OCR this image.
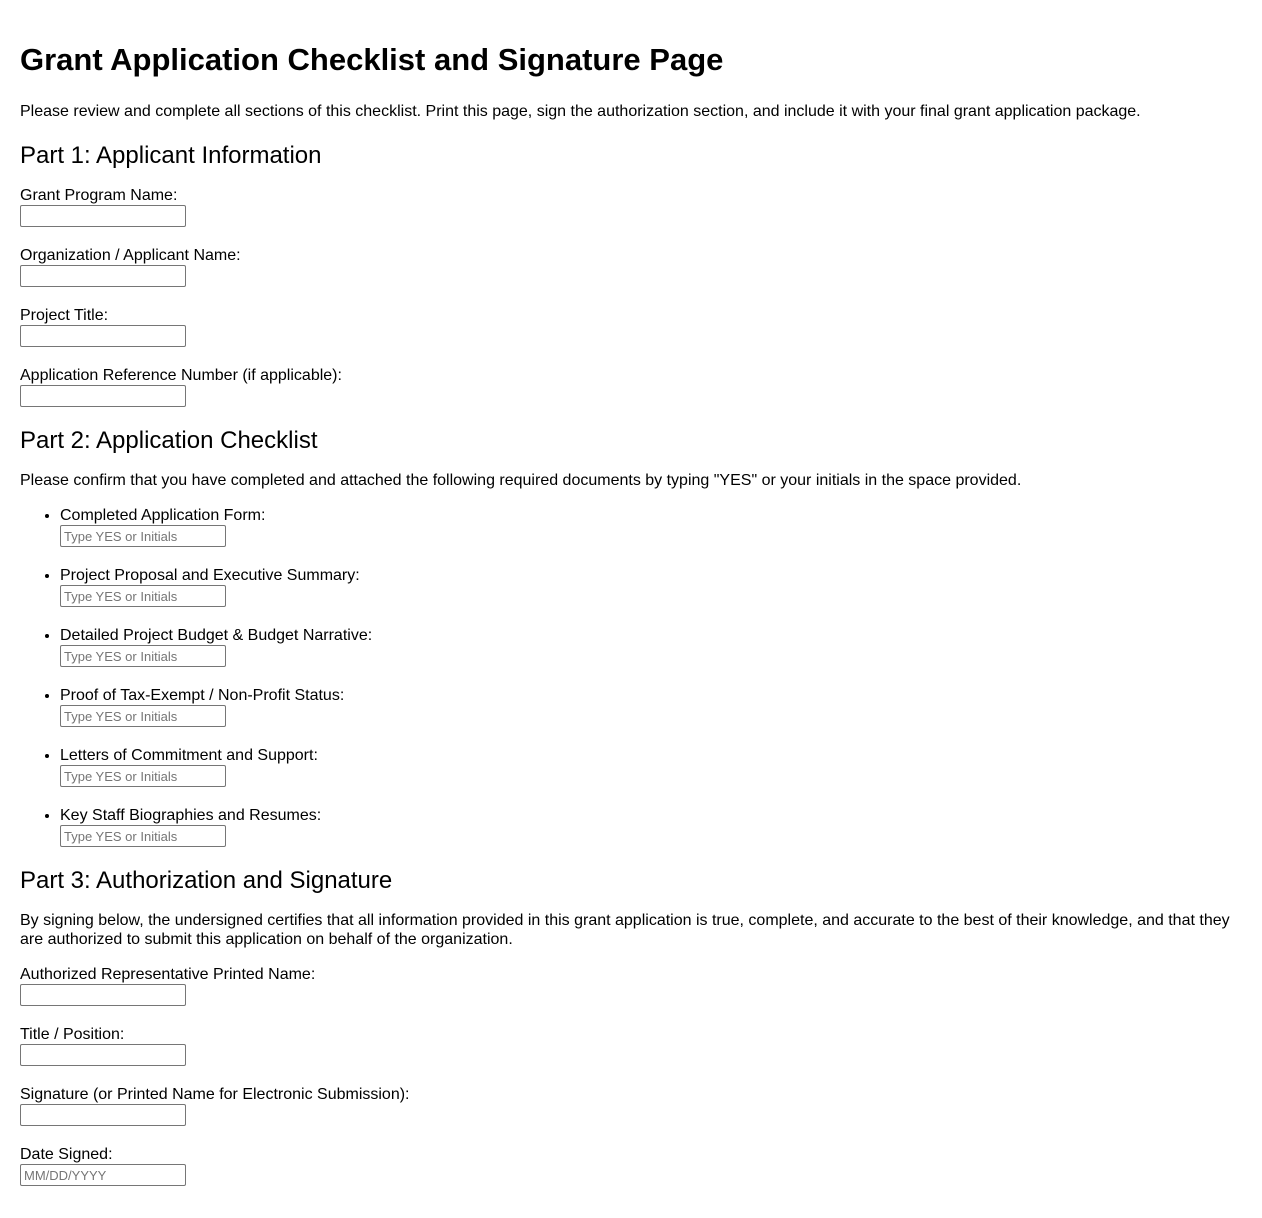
Grant Application Checklist and Signature Page

Please review and complete all sections of this checklist. Print this page, sign the authorization section, and include it with your final grant application package.

Part 1: Applicant Information
Grant Program Name:
Organization / Applicant Name:
Project Title:
Application Reference Number (if applicable):
Part 2: Application Checklist

Please confirm that you have completed and attached the following required documents by typing "YES" or your initials in the space provided.

• Completed Application Form:
Type YES or Initials
• Project Proposal and Executive Summary:
Type YES or Initials
• Detailed Project Budget & Budget Narrative:
Type YES or Initials
• Proof of Tax-Exempt / Non-Profit Status:
Type YES or Initials
• Letters of Commitment and Support:
Type YES or Initials
• Key Staff Biographies and Resumes:
Type YES or Initials
Part 3: Authorization and Signature

By signing below, the undersigned certifies that all information provided in this grant application is true, complete, and accurate to the best of their knowledge, and that they are authorized to submit this application on behalf of the organization.

Authorized Representative Printed Name:
Title / Position:
Signature (or Printed Name for Electronic Submission):
Date Signed:
MM/DD/YYYY
